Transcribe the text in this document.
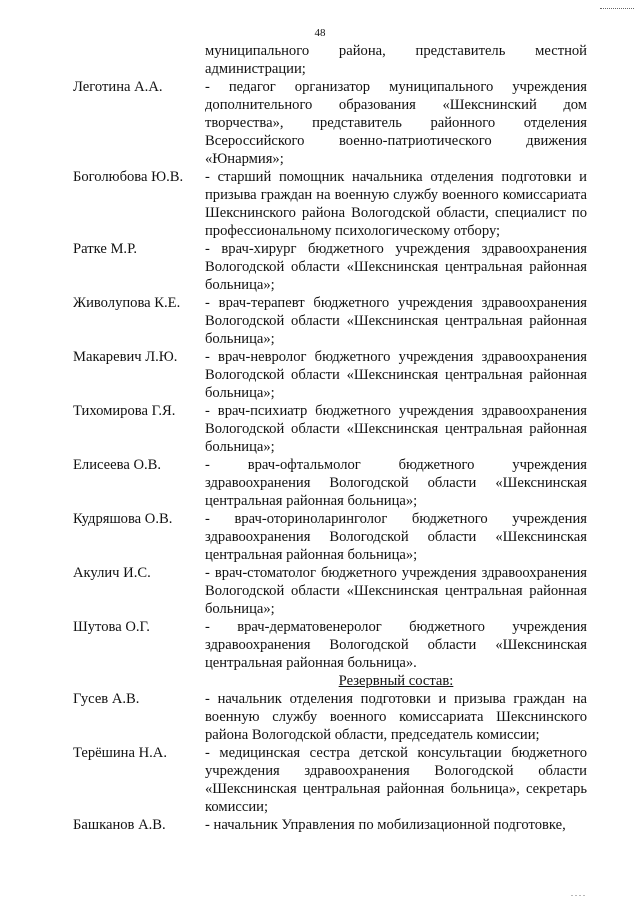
48
муниципального района, представитель местной администрации;
Леготина А.А.	- педагог организатор муниципального учреждения дополнительного образования «Шекснинский дом творчества», представитель районного отделения Всероссийского военно-патриотического движения «Юнармия»;
Боголюбова Ю.В.	- старший помощник начальника отделения подготовки и призыва граждан на военную службу военного комиссариата Шекснинского района Вологодской области, специалист по профессиональному психологическому отбору;
Ратке М.Р.	- врач-хирург бюджетного учреждения здравоохранения Вологодской области «Шекснинская центральная районная больница»;
Живолупова К.Е.	- врач-терапевт бюджетного учреждения здравоохранения Вологодской области «Шекснинская центральная районная больница»;
Макаревич Л.Ю.	- врач-невролог бюджетного учреждения здравоохранения Вологодской области «Шекснинская центральная районная больница»;
Тихомирова Г.Я.	- врач-психиатр бюджетного учреждения здравоохранения Вологодской области «Шекснинская центральная районная больница»;
Елисеева О.В.	- врач-офтальмолог бюджетного учреждения здравоохранения Вологодской области «Шекснинская центральная районная больница»;
Кудряшова О.В.	- врач-оториноларинголог бюджетного учреждения здравоохранения Вологодской области «Шекснинская центральная районная больница»;
Акулич И.С.	- врач-стоматолог бюджетного учреждения здравоохранения Вологодской области «Шекснинская центральная районная больница»;
Шутова О.Г.	- врач-дерматовенеролог бюджетного учреждения здравоохранения Вологодской области «Шекснинская центральная районная больница».
Резервный состав:
Гусев А.В.	- начальник отделения подготовки и призыва граждан на военную службу военного комиссариата Шекснинского района Вологодской области, председатель комиссии;
Терёшина Н.А.	- медицинская сестра детской консультации бюджетного учреждения здравоохранения Вологодской области «Шекснинская центральная районная больница», секретарь комиссии;
Башканов А.В.	- начальник Управления по мобилизационной подготовке,
. . . .
